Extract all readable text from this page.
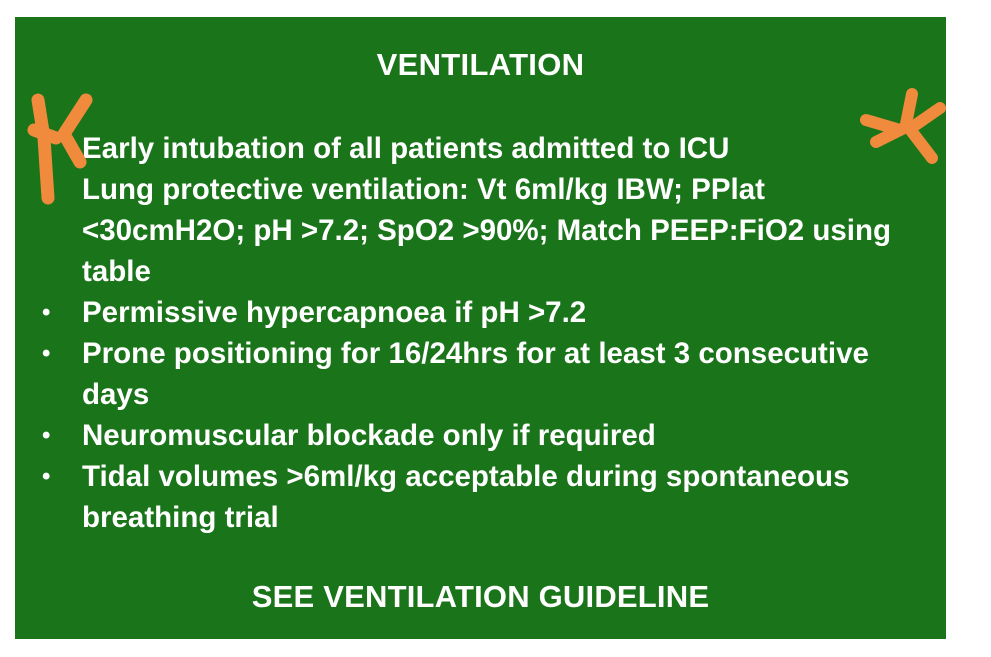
VENTILATION
Early intubation of all patients admitted to ICU
Lung protective ventilation: Vt 6ml/kg IBW; PPlat <30cmH2O; pH >7.2; SpO2 >90%; Match PEEP:FiO2 using table
• Permissive hypercapnoea if pH >7.2
• Prone positioning for 16/24hrs for at least 3 consecutive days
• Neuromuscular blockade only if required
• Tidal volumes >6ml/kg acceptable during spontaneous breathing trial
SEE VENTILATION GUIDELINE
